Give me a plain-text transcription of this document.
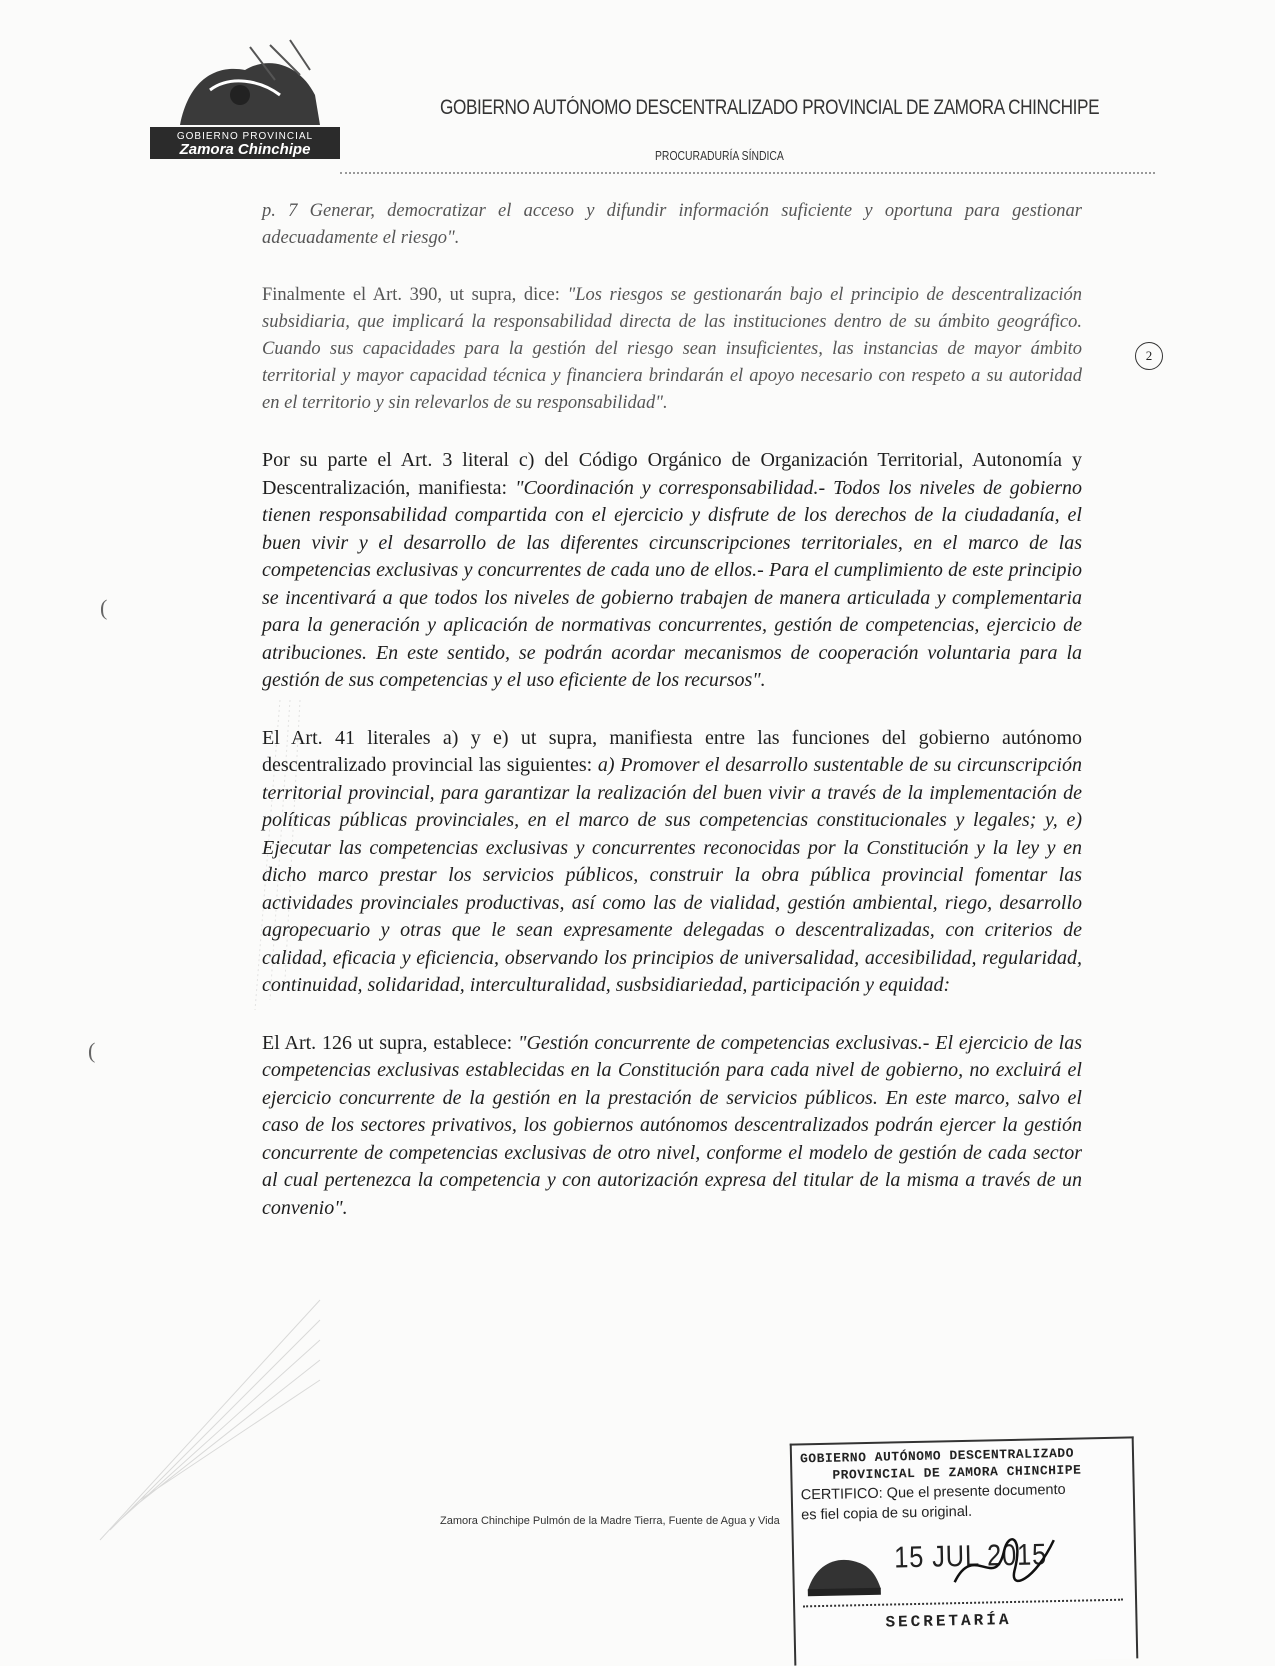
GOBIERNO PROVINCIAL
Zamora Chinchipe
GOBIERNO AUTÓNOMO DESCENTRALIZADO PROVINCIAL DE ZAMORA CHINCHIPE
PROCURADURÍA SÍNDICA
2
(
(

p. 7 Generar, democratizar el acceso y difundir información suficiente y oportuna para gestionar adecuadamente el riesgo".

Finalmente el Art. 390, ut supra, dice: "Los riesgos se gestionarán bajo el principio de descentralización subsidiaria, que implicará la responsabilidad directa de las instituciones dentro de su ámbito geográfico. Cuando sus capacidades para la gestión del riesgo sean insuficientes, las instancias de mayor ámbito territorial y mayor capacidad técnica y financiera brindarán el apoyo necesario con respeto a su autoridad en el territorio y sin relevarlos de su responsabilidad".

Por su parte el Art. 3 literal c) del Código Orgánico de Organización Territorial, Autonomía y Descentralización, manifiesta: "Coordinación y corresponsabilidad.- Todos los niveles de gobierno tienen responsabilidad compartida con el ejercicio y disfrute de los derechos de la ciudadanía, el buen vivir y el desarrollo de las diferentes circunscripciones territoriales, en el marco de las competencias exclusivas y concurrentes de cada uno de ellos.- Para el cumplimiento de este principio se incentivará a que todos los niveles de gobierno trabajen de manera articulada y complementaria para la generación y aplicación de normativas concurrentes, gestión de competencias, ejercicio de atribuciones. En este sentido, se podrán acordar mecanismos de cooperación voluntaria para la gestión de sus competencias y el uso eficiente de los recursos".

El Art. 41 literales a) y e) ut supra, manifiesta entre las funciones del gobierno autónomo descentralizado provincial las siguientes: a) Promover el desarrollo sustentable de su circunscripción territorial provincial, para garantizar la realización del buen vivir a través de la implementación de políticas públicas provinciales, en el marco de sus competencias constitucionales y legales; y, e) Ejecutar las competencias exclusivas y concurrentes reconocidas por la Constitución y la ley y en dicho marco prestar los servicios públicos, construir la obra pública provincial fomentar las actividades provinciales productivas, así como las de vialidad, gestión ambiental, riego, desarrollo agropecuario y otras que le sean expresamente delegadas o descentralizadas, con criterios de calidad, eficacia y eficiencia, observando los principios de universalidad, accesibilidad, regularidad, continuidad, solidaridad, interculturalidad, susbsidiariedad, participación y equidad:

El Art. 126 ut supra, establece: "Gestión concurrente de competencias exclusivas.- El ejercicio de las competencias exclusivas establecidas en la Constitución para cada nivel de gobierno, no excluirá el ejercicio concurrente de la gestión en la prestación de servicios públicos. En este marco, salvo el caso de los sectores privativos, los gobiernos autónomos descentralizados podrán ejercer la gestión concurrente de competencias exclusivas de otro nivel, conforme el modelo de gestión de cada sector al cual pertenezca la competencia y con autorización expresa del titular de la misma a través de un convenio".

Zamora Chinchipe Pulmón de la Madre Tierra, Fuente de Agua y Vida
GOBIERNO AUTÓNOMO DESCENTRALIZADO
PROVINCIAL DE ZAMORA CHINCHIPE
CERTIFICO: Que el presente documento
es fiel copia de su original.
15 JUL 2015
SECRETARÍA
